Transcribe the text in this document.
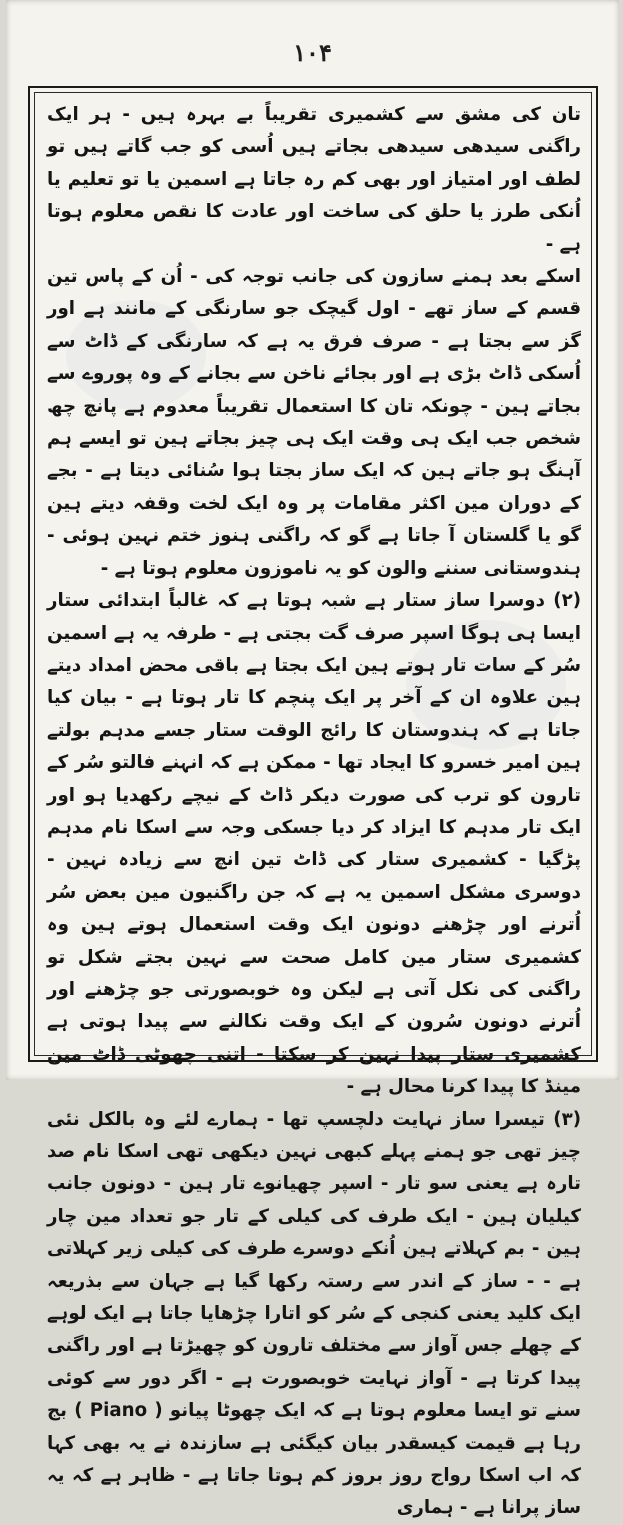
۱۰۴

تان کی مشق سے کشمیری تقریباً بے بہرہ ہیں - ہر ایک راگنی سیدھی سیدھی بجاتے ہیں اُسی کو جب گاتے ہیں تو لطف اور امتیاز اور بھی کم رہ جاتا ہے اسمین یا تو تعلیم یا اُنکی طرز یا حلق کی ساخت اور عادت کا نقص معلوم ہوتا ہے -

اسکے بعد ہمنے سازون کی جانب توجہ کی - اُن کے پاس تین قسم کے ساز تھے - اول گیچک جو سارنگی کے مانند ہے اور گز سے بجتا ہے - صرف فرق یہ ہے کہ سارنگی کے ڈاٹ سے اُسکی ڈاٹ بڑی ہے اور بجائے ناخن سے بجانے کے وہ پوروے سے بجاتے ہین - چونکہ تان کا استعمال تقریباً معدوم ہے پانچ چھ شخص جب ایک ہی وقت ایک ہی چیز بجاتے ہین تو ایسے ہم آہنگ ہو جاتے ہین کہ ایک ساز بجتا ہوا سُنائی دیتا ہے - بجے کے دوران مین اکثر مقامات پر وہ ایک لخت وقفہ دیتے ہین گو یا گلستان آ جاتا ہے گو کہ راگنی ہنوز ختم نہین ہوئی - ہندوستانی سننے والون کو یہ ناموزون معلوم ہوتا ہے -

(۲) دوسرا ساز ستار ہے شبہ ہوتا ہے کہ غالباً ابتدائی ستار ایسا ہی ہوگا اسپر صرف گت بجتی ہے - طرفہ یہ ہے اسمین سُر کے سات تار ہوتے ہین ایک بجتا ہے باقی محض امداد دیتے ہین علاوہ ان کے آخر پر ایک پنچم کا تار ہوتا ہے - بیان کیا جاتا ہے کہ ہندوستان کا رائج الوقت ستار جسے مدہم بولتے ہین امیر خسرو کا ایجاد تھا - ممکن ہے کہ انہنے فالتو سُر کے تارون کو ترب کی صورت دیکر ڈاٹ کے نیچے رکھدیا ہو اور ایک تار مدہم کا ایزاد کر دیا جسکی وجہ سے اسکا نام مدہم پڑگیا - کشمیری ستار کی ڈاٹ تین انچ سے زیادہ نہین - دوسری مشکل اسمین یہ ہے کہ جن راگنیون مین بعض سُر اُترنے اور چڑھنے دونون ایک وقت استعمال ہوتے ہین وہ کشمیری ستار مین کامل صحت سے نہین بجتے شکل تو راگنی کی نکل آتی ہے لیکن وہ خوبصورتی جو چڑھنے اور اُترنے دونون سُرون کے ایک وقت نکالنے سے پیدا ہوتی ہے کشمیری ستار پیدا نہین کر سکتا - اتنی چھوٹی ڈاٹ مین مینڈ کا پیدا کرنا محال ہے -

(۳) تیسرا ساز نہایت دلچسپ تھا - ہمارے لئے وہ بالکل نئی چیز تھی جو ہمنے پہلے کبھی نہین دیکھی تھی اسکا نام صد تارہ ہے یعنی سو تار - اسپر چھیانوے تار ہین - دونون جانب کیلیان ہین - ایک طرف کی کیلی کے تار جو تعداد مین چار ہین - بم کہلاتے ہین اُنکے دوسرے طرف کی کیلی زیر کہلاتی ہے - - ساز کے اندر سے رستہ رکھا گیا ہے جہان سے بذریعہ ایک کلید یعنی کنجی کے سُر کو اتارا چڑھایا جاتا ہے ایک لوہے کے چھلے جس آواز سے مختلف تارون کو چھیڑتا ہے اور راگنی پیدا کرتا ہے - آواز نہایت خوبصورت ہے - اگر دور سے کوئی سنے تو ایسا معلوم ہوتا ہے کہ ایک چھوٹا پیانو ( Piano ) بج رہا ہے قیمت کیسقدر بیان کیگئی ہے سازندہ نے یہ بھی کہا کہ اب اسکا رواج روز بروز کم ہوتا جاتا ہے - ظاہر ہے کہ یہ ساز پرانا ہے - ہماری
